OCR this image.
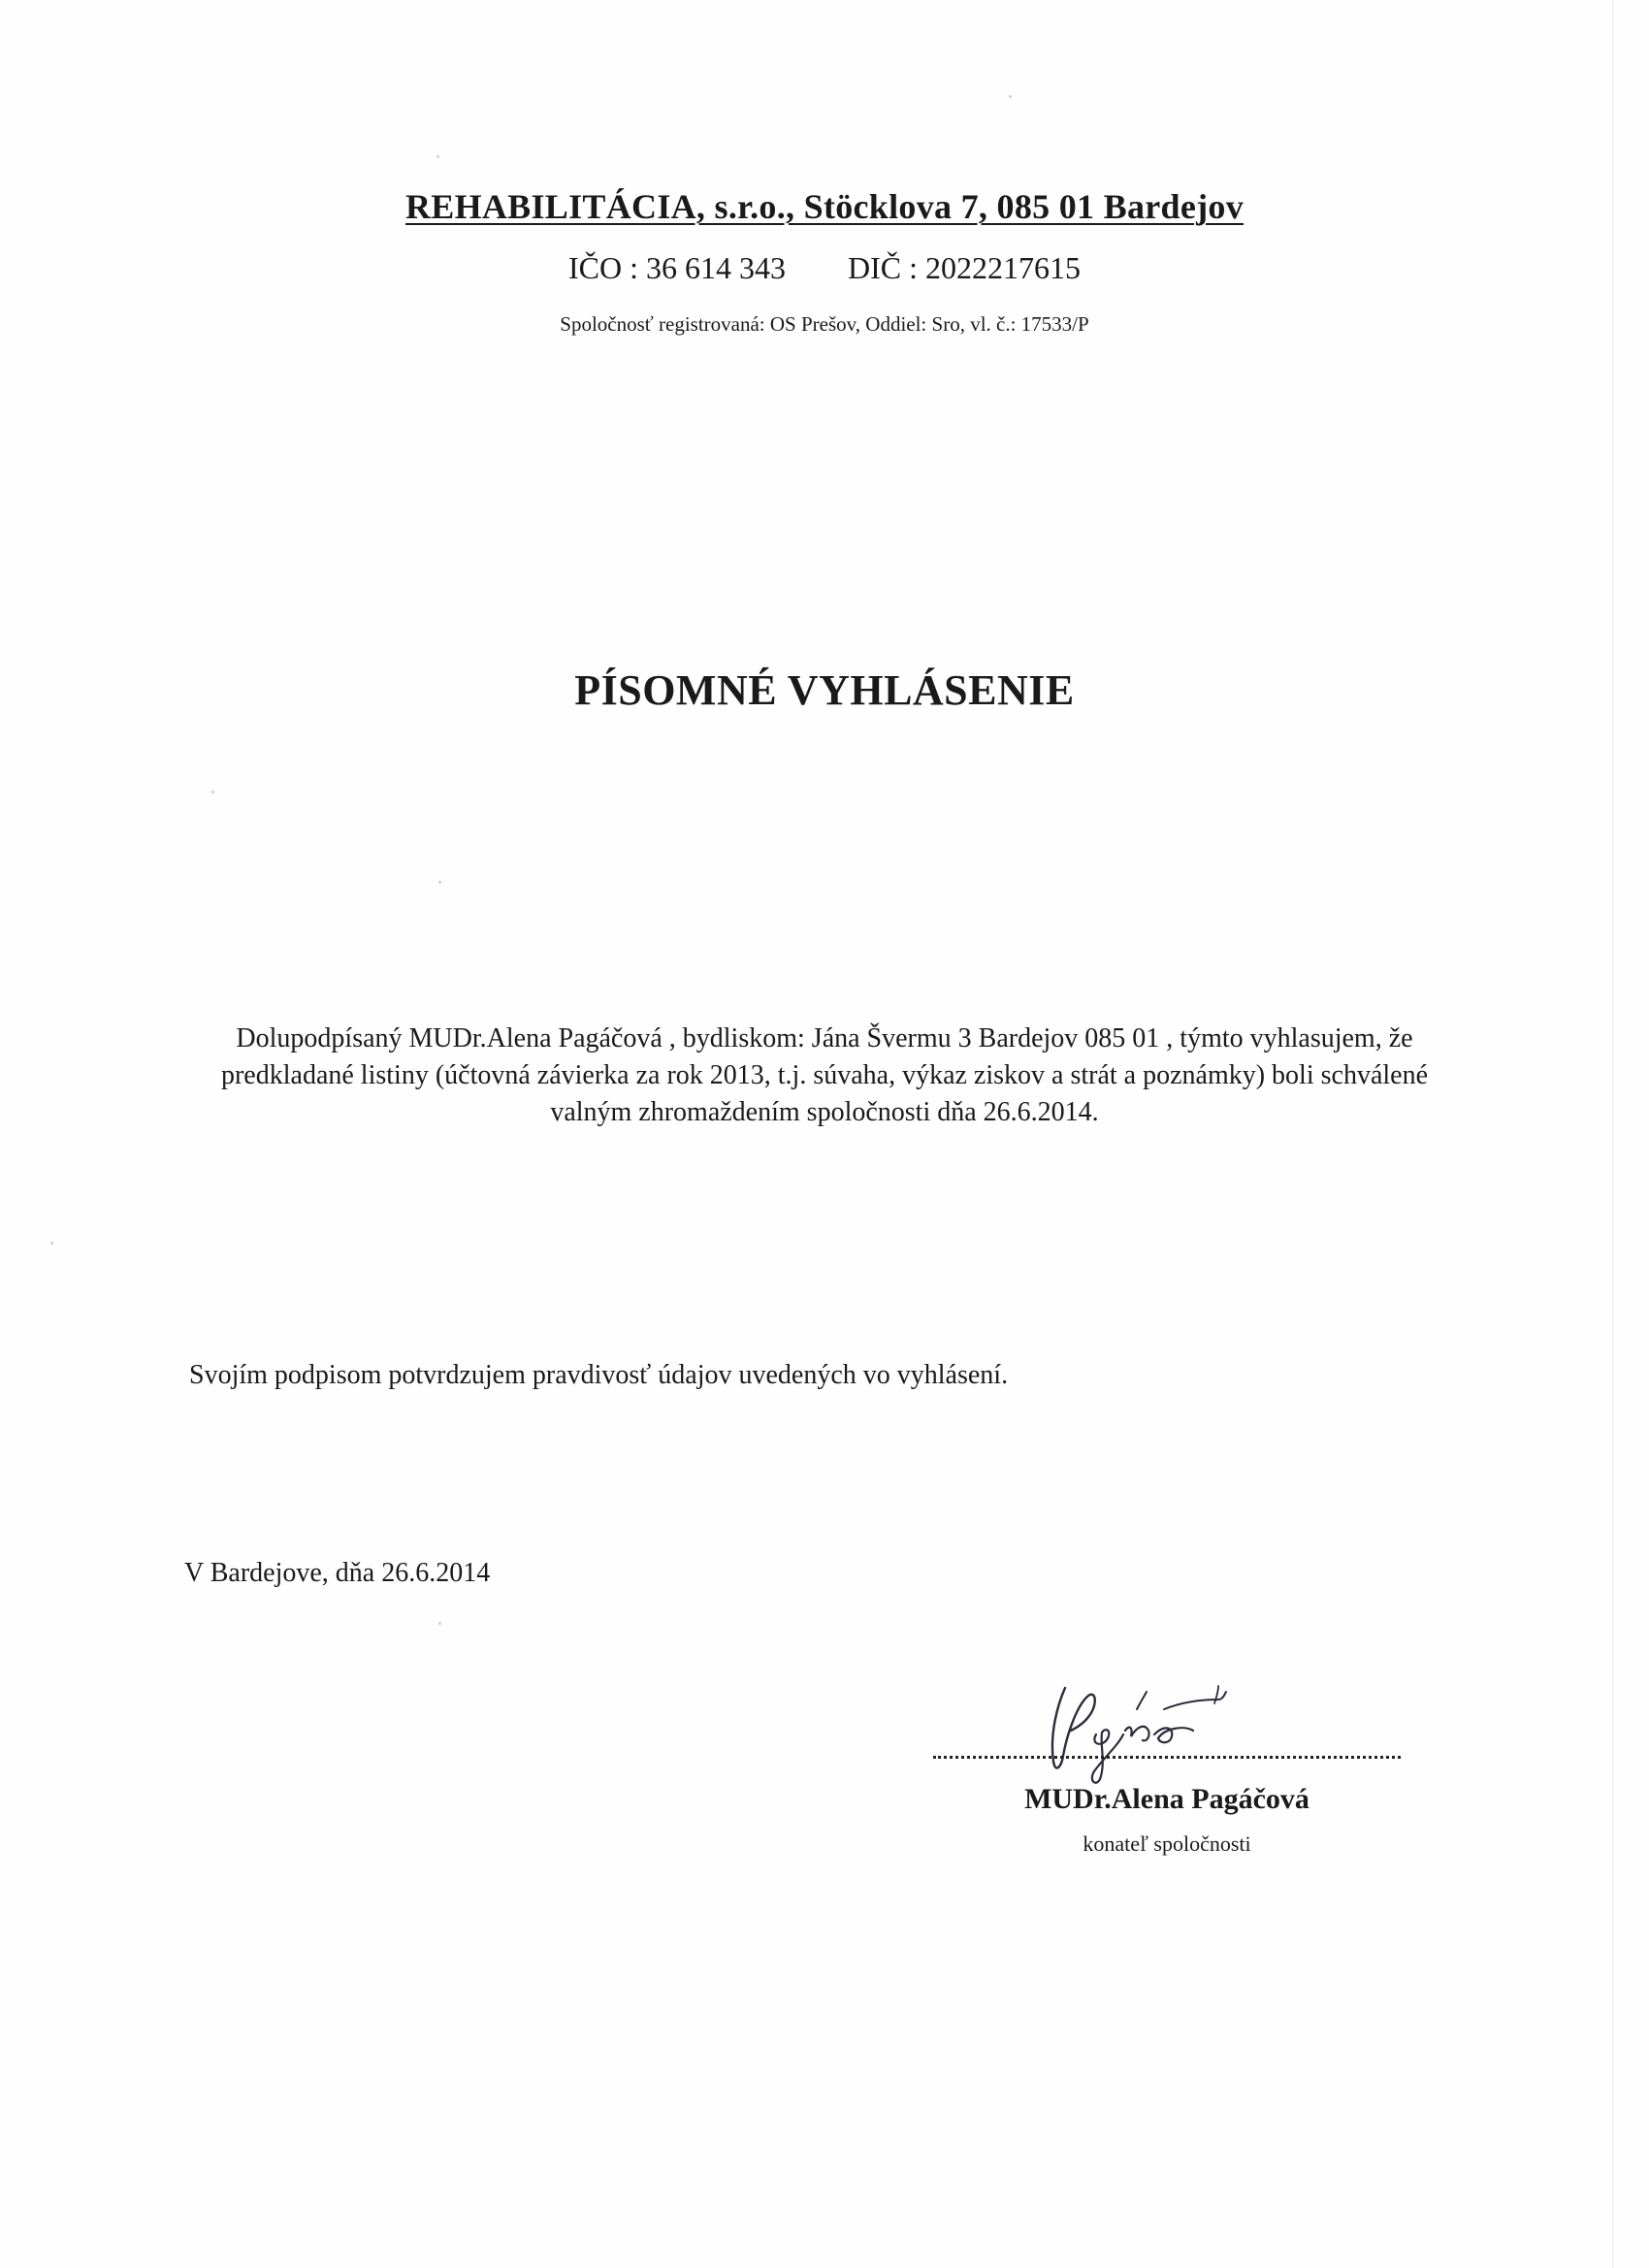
REHABILITÁCIA, s.r.o., Stöcklova 7, 085 01 Bardejov
IČO : 36 614 343 DIČ : 2022217615
Spoločnosť registrovaná: OS Prešov, Oddiel: Sro, vl. č.: 17533/P
PÍSOMNÉ VYHLÁSENIE
Dolupodpísaný MUDr.Alena Pagáčová , bydliskom: Jána Švermu 3 Bardejov 085 01 , týmto vyhlasujem, že
predkladané listiny (účtovná závierka za rok 2013, t.j. súvaha, výkaz ziskov a strát a poznámky) boli schválené
valným zhromaždením spoločnosti dňa 26.6.2014.
Svojím podpisom potvrdzujem pravdivosť údajov uvedených vo vyhlásení.
V Bardejove, dňa 26.6.2014
MUDr.Alena Pagáčová
konateľ spoločnosti
